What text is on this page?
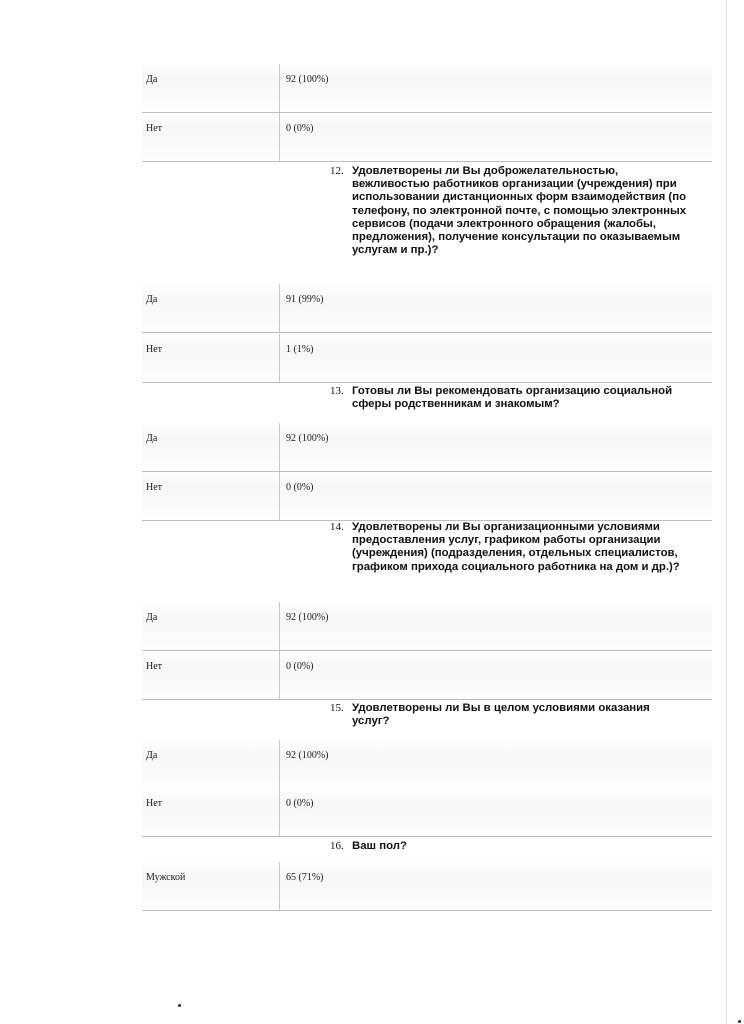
Да	92 (100%)
Нет	0 (0%)
12. Удовлетворены ли Вы доброжелательностью, вежливостью работников организации (учреждения) при использовании дистанционных форм взаимодействия (по телефону, по электронной почте, с помощью электронных сервисов (подачи электронного обращения (жалобы, предложения), получение консультации по оказываемым услугам и пр.)?
Да	91 (99%)
Нет	1 (1%)
13. Готовы ли Вы рекомендовать организацию социальной сферы родственникам и знакомым?
Да	92 (100%)
Нет	0 (0%)
14. Удовлетворены ли Вы организационными условиями предоставления услуг, графиком работы организации (учреждения) (подразделения, отдельных специалистов, графиком прихода социального работника на дом и др.)?
Да	92 (100%)
Нет	0 (0%)
15. Удовлетворены ли Вы в целом условиями оказания услуг?
Да	92 (100%)
Нет	0 (0%)
16. Ваш пол?
Мужской	65 (71%)
